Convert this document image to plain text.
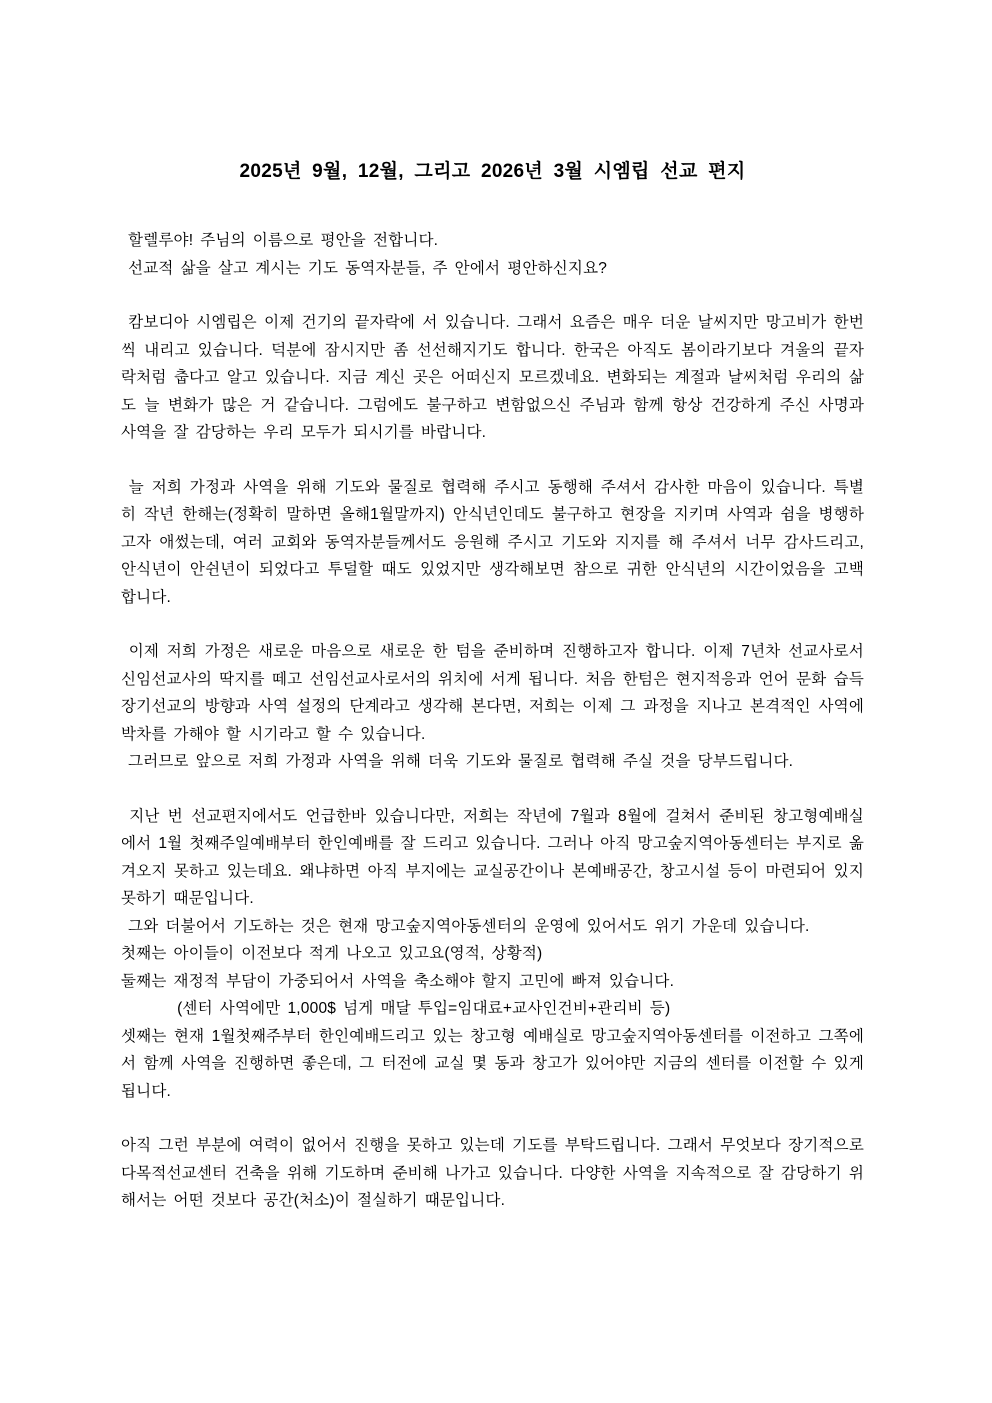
2025년 9월, 12월, 그리고 2026년 3월 시엠립 선교 편지

할렐루야! 주님의 이름으로 평안을 전합니다.

선교적 삶을 살고 계시는 기도 동역자분들, 주 안에서 평안하신지요?

캄보디아 시엠립은 이제 건기의 끝자락에 서 있습니다. 그래서 요즘은 매우 더운 날씨지만 망고비가 한번 씩 내리고 있습니다. 덕분에 잠시지만 좀 선선해지기도 합니다. 한국은 아직도 봄이라기보다 겨울의 끝자락처럼 춥다고 알고 있습니다. 지금 계신 곳은 어떠신지 모르겠네요. 변화되는 계절과 날씨처럼 우리의 삶도 늘 변화가 많은 거 같습니다. 그럼에도 불구하고 변함없으신 주님과 함께 항상 건강하게 주신 사명과 사역을 잘 감당하는 우리 모두가 되시기를 바랍니다.

늘 저희 가정과 사역을 위해 기도와 물질로 협력해 주시고 동행해 주셔서 감사한 마음이 있습니다. 특별히 작년 한해는(정확히 말하면 올해1월말까지) 안식년인데도 불구하고 현장을 지키며 사역과 쉼을 병행하고자 애썼는데, 여러 교회와 동역자분들께서도 응원해 주시고 기도와 지지를 해 주셔서 너무 감사드리고, 안식년이 안쉰년이 되었다고 투덜할 때도 있었지만 생각해보면 참으로 귀한 안식년의 시간이었음을 고백합니다.

이제 저희 가정은 새로운 마음으로 새로운 한 텀을 준비하며 진행하고자 합니다. 이제 7년차 선교사로서 신임선교사의 딱지를 떼고 선임선교사로서의 위치에 서게 됩니다. 처음 한텀은 현지적응과 언어 문화 습득 장기선교의 방향과 사역 설정의 단계라고 생각해 본다면, 저희는 이제 그 과정을 지나고 본격적인 사역에 박차를 가해야 할 시기라고 할 수 있습니다.

그러므로 앞으로 저희 가정과 사역을 위해 더욱 기도와 물질로 협력해 주실 것을 당부드립니다.

지난 번 선교편지에서도 언급한바 있습니다만, 저희는 작년에 7월과 8월에 걸쳐서 준비된 창고형예배실에서 1월 첫째주일예배부터 한인예배를 잘 드리고 있습니다. 그러나 아직 망고숲지역아동센터는 부지로 옮겨오지 못하고 있는데요. 왜냐하면 아직 부지에는 교실공간이나 본예배공간, 창고시설 등이 마련되어 있지 못하기 때문입니다.

그와 더불어서 기도하는 것은 현재 망고숲지역아동센터의 운영에 있어서도 위기 가운데 있습니다.

첫째는 아이들이 이전보다 적게 나오고 있고요(영적, 상황적)

둘째는 재정적 부담이 가중되어서 사역을 축소해야 할지 고민에 빠져 있습니다.

(센터 사역에만 1,000$ 넘게 매달 투입=임대료+교사인건비+관리비 등)

셋째는 현재 1월첫째주부터 한인예배드리고 있는 창고형 예배실로 망고숲지역아동센터를 이전하고 그쪽에서 함께 사역을 진행하면 좋은데, 그 터전에 교실 몇 동과 창고가 있어야만 지금의 센터를 이전할 수 있게 됩니다.

아직 그런 부분에 여력이 없어서 진행을 못하고 있는데 기도를 부탁드립니다. 그래서 무엇보다 장기적으로 다목적선교센터 건축을 위해 기도하며 준비해 나가고 있습니다. 다양한 사역을 지속적으로 잘 감당하기 위해서는 어떤 것보다 공간(처소)이 절실하기 때문입니다.
